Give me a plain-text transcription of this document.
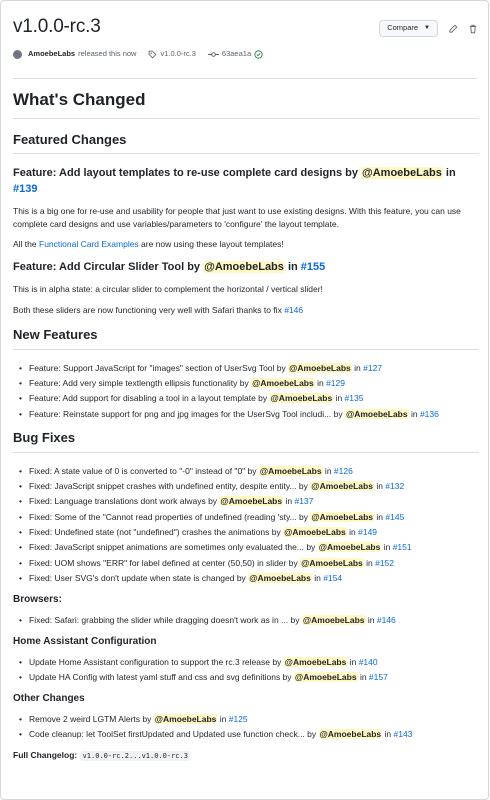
v1.0.0-rc.3	Compare ▼
AmoebeLabs released this now	v1.0.0-rc.3	63aea1a
What's Changed
Featured Changes
Feature: Add layout templates to re-use complete card designs by @AmoebeLabs in #139

This is a big one for re-use and usability for people that just want to use existing designs. With this feature, you can use complete card designs and use variables/parameters to 'configure' the layout template.

All the Functional Card Examples are now using these layout templates!

Feature: Add Circular Slider Tool by @AmoebeLabs in #155

This is in alpha state: a circular slider to complement the horizontal / vertical slider!

Both these sliders are now functioning very well with Safari thanks to fix #146

New Features
• Feature: Support JavaScript for "images" section of UserSvg Tool by @AmoebeLabs in #127
• Feature: Add very simple textlength ellipsis functionality by @AmoebeLabs in #129
• Feature: Add support for disabling a tool in a layout template by @AmoebeLabs in #135
• Feature: Reinstate support for png and jpg images for the UserSvg Tool includi... by @AmoebeLabs in #136
Bug Fixes
• Fixed: A state value of 0 is converted to "-0" instead of "0" by @AmoebeLabs in #126
• Fixed: JavaScript snippet crashes with undefined entity, despite entity... by @AmoebeLabs in #132
• Fixed: Language translations dont work always by @AmoebeLabs in #137
• Fixed: Some of the "Cannot read properties of undefined (reading 'sty... by @AmoebeLabs in #145
• Fixed: Undefined state (not "undefined") crashes the animations by @AmoebeLabs in #149
• Fixed: JavaScript snippet animations are sometimes only evaluated the... by @AmoebeLabs in #151
• Fixed: UOM shows "ERR" for label defined at center (50,50) in slider by @AmoebeLabs in #152
• Fixed: User SVG's don't update when state is changed by @AmoebeLabs in #154
Browsers:
• Fixed: Safari: grabbing the slider while dragging doesn't work as in ... by @AmoebeLabs in #146
Home Assistant Configuration
• Update Home Assistant configuration to support the rc.3 release by @AmoebeLabs in #140
• Update HA Config with latest yaml stuff and css and svg definitions by @AmoebeLabs in #157
Other Changes
• Remove 2 weird LGTM Alerts by @AmoebeLabs in #125
• Code cleanup: let ToolSet firstUpdated and Updated use function check... by @AmoebeLabs in #143

Full Changelog: v1.0.0-rc.2...v1.0.0-rc.3
